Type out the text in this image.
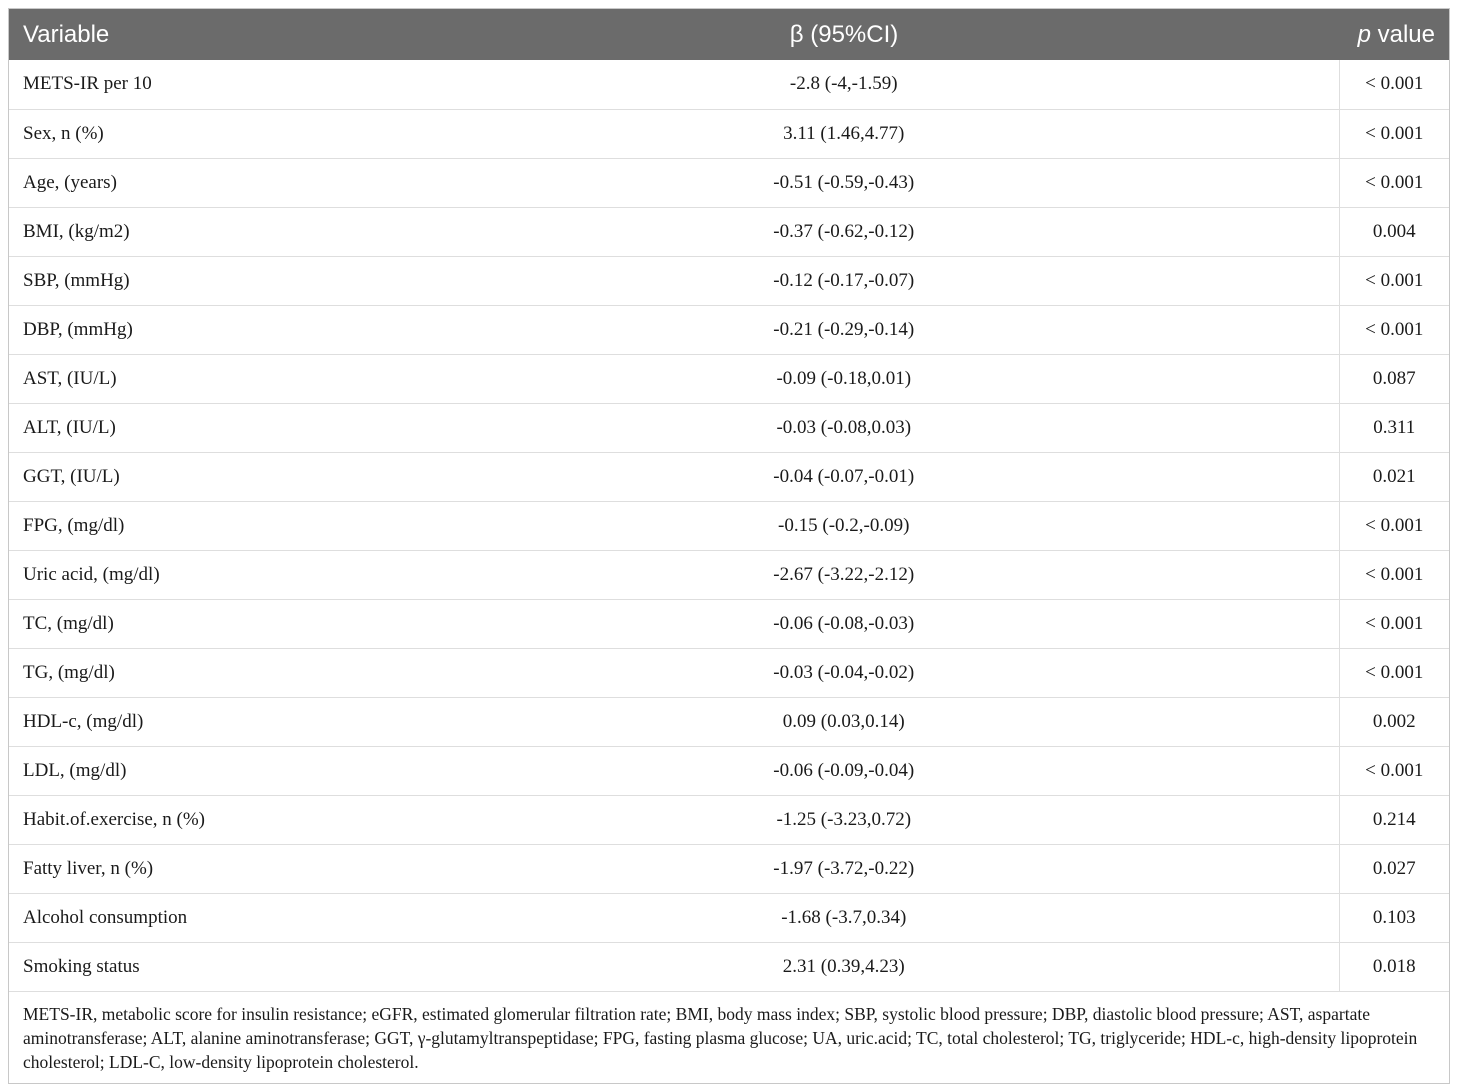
Variable	β (95%CI)	p value
METS-IR per 10	-2.8 (-4,-1.59)	< 0.001
Sex, n (%)	3.11 (1.46,4.77)	< 0.001
Age, (years)	-0.51 (-0.59,-0.43)	< 0.001
BMI, (kg/m2)	-0.37 (-0.62,-0.12)	0.004
SBP, (mmHg)	-0.12 (-0.17,-0.07)	< 0.001
DBP, (mmHg)	-0.21 (-0.29,-0.14)	< 0.001
AST, (IU/L)	-0.09 (-0.18,0.01)	0.087
ALT, (IU/L)	-0.03 (-0.08,0.03)	0.311
GGT, (IU/L)	-0.04 (-0.07,-0.01)	0.021
FPG, (mg/dl)	-0.15 (-0.2,-0.09)	< 0.001
Uric acid, (mg/dl)	-2.67 (-3.22,-2.12)	< 0.001
TC, (mg/dl)	-0.06 (-0.08,-0.03)	< 0.001
TG, (mg/dl)	-0.03 (-0.04,-0.02)	< 0.001
HDL-c, (mg/dl)	0.09 (0.03,0.14)	0.002
LDL, (mg/dl)	-0.06 (-0.09,-0.04)	< 0.001
Habit.of.exercise, n (%)	-1.25 (-3.23,0.72)	0.214
Fatty liver, n (%)	-1.97 (-3.72,-0.22)	0.027
Alcohol consumption	-1.68 (-3.7,0.34)	0.103
Smoking status	2.31 (0.39,4.23)	0.018
METS-IR, metabolic score for insulin resistance; eGFR, estimated glomerular filtration rate; BMI, body mass index; SBP, systolic blood pressure; DBP, diastolic blood pressure; AST, aspartate aminotransferase; ALT, alanine aminotransferase; GGT, γ-glutamyltranspeptidase; FPG, fasting plasma glucose; UA, uric.acid; TC, total cholesterol; TG, triglyceride; HDL-c, high-density lipoprotein cholesterol; LDL-C, low-density lipoprotein cholesterol.
